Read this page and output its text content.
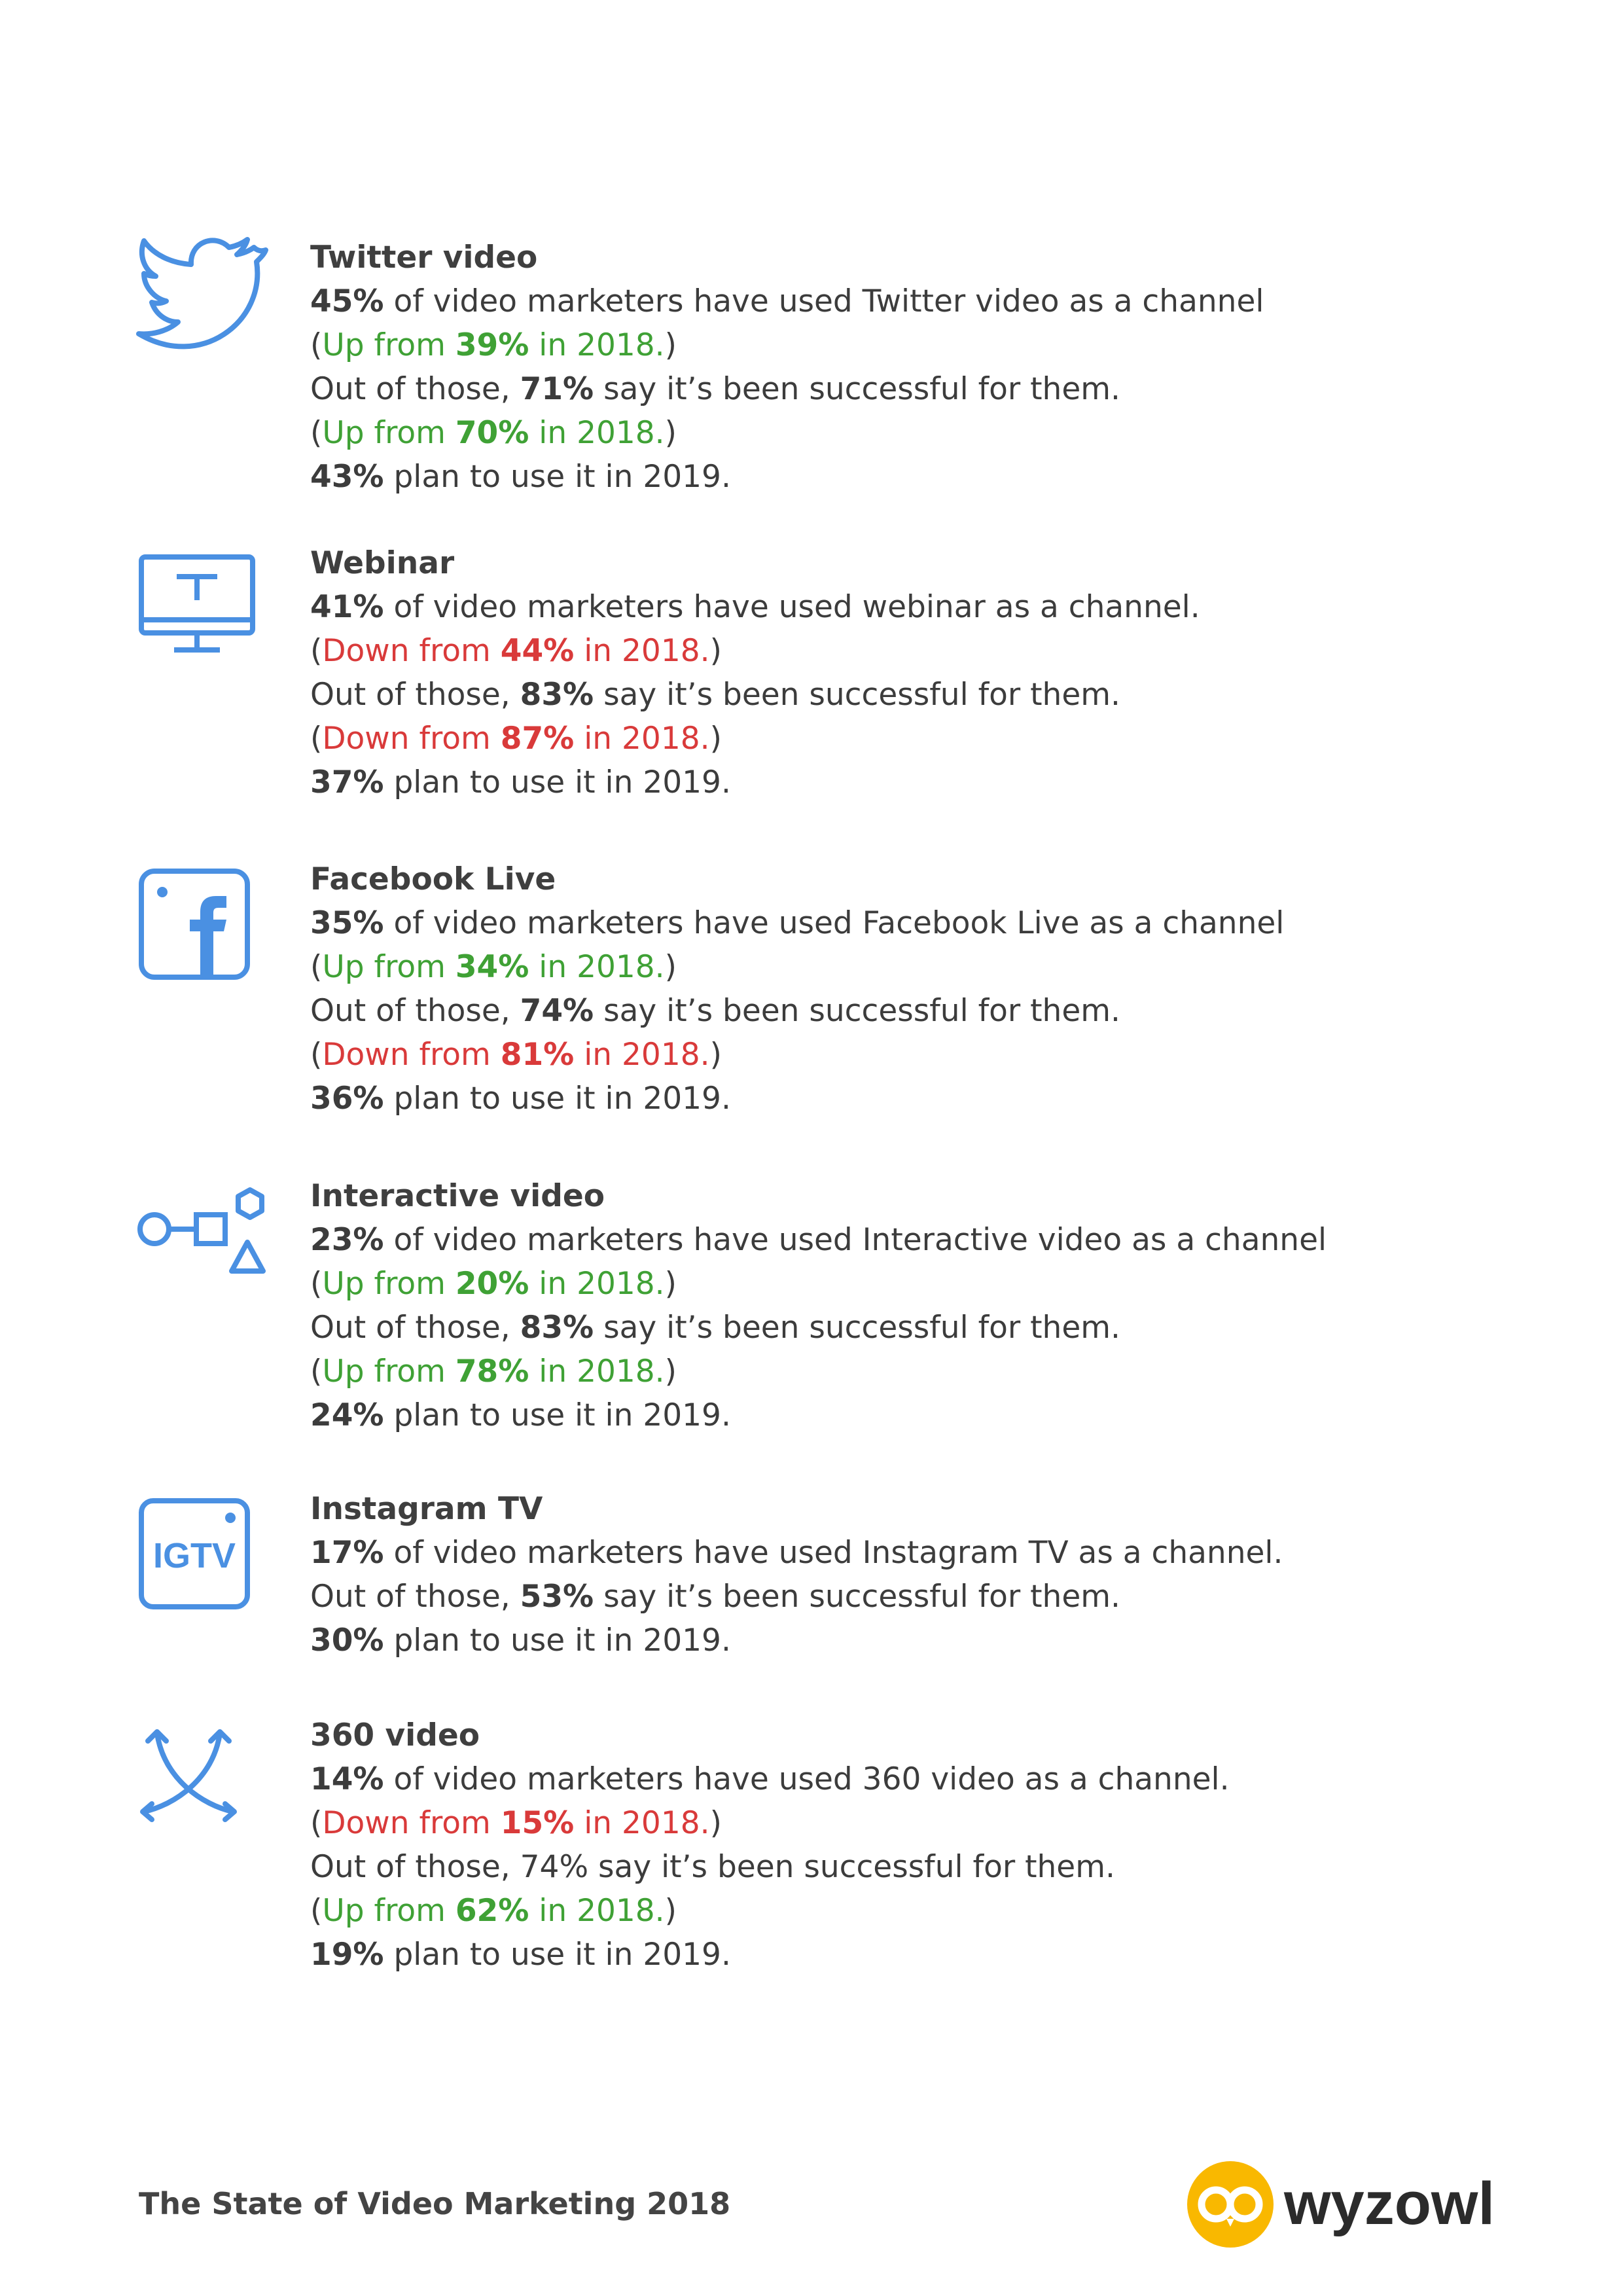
Twitter video
45% of video marketers have used Twitter video as a channel
(Up from 39% in 2018.)
Out of those, 71% say it’s been successful for them.
(Up from 70% in 2018.)
43% plan to use it in 2019.
Webinar
41% of video marketers have used webinar as a channel.
(Down from 44% in 2018.)
Out of those, 83% say it’s been successful for them.
(Down from 87% in 2018.)
37% plan to use it in 2019.
Facebook Live
35% of video marketers have used Facebook Live as a channel
(Up from 34% in 2018.)
Out of those, 74% say it’s been successful for them.
(Down from 81% in 2018.)
36% plan to use it in 2019.
Interactive video
23% of video marketers have used Interactive video as a channel
(Up from 20% in 2018.)
Out of those, 83% say it’s been successful for them.
(Up from 78% in 2018.)
24% plan to use it in 2019.
IGTV
Instagram TV
17% of video marketers have used Instagram TV as a channel.
Out of those, 53% say it’s been successful for them.
30% plan to use it in 2019.
360 video
14% of video marketers have used 360 video as a channel.
(Down from 15% in 2018.)
Out of those, 74% say it’s been successful for them.
(Up from 62% in 2018.)
19% plan to use it in 2019.
The State of Video Marketing 2018	wyzowl
